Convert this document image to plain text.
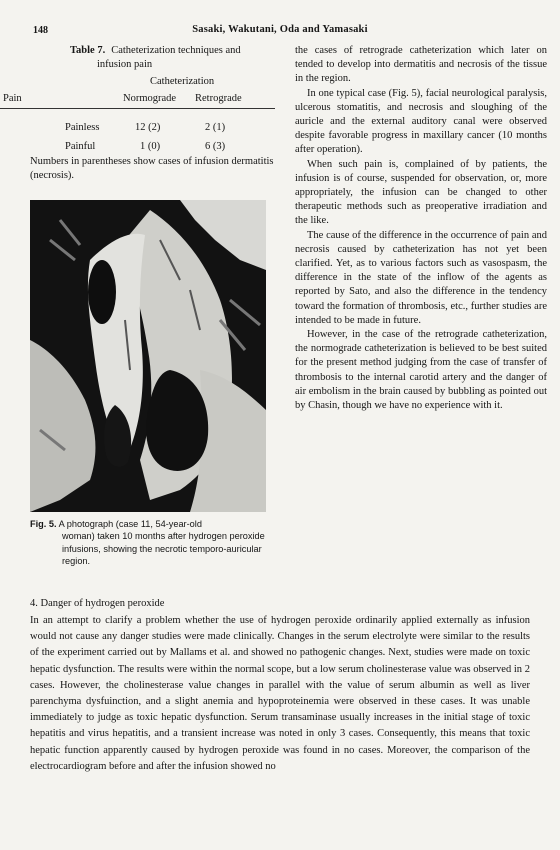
148	Sasaki, Wakutani, Oda and Yamasaki
Table 7. Catheterization techniques and
infusion pain
Catheterization
Pain	Normograde Retrograde
Painless	12 (2)	2 (1)
Painful	1 (0)	6 (3)
Numbers in parentheses show cases of infusion dermatitis (necrosis).
Fig. 5. A photograph (case 11, 54-year-old
woman) taken 10 months after hydrogen peroxide infusions, showing the necrotic temporo-auricular region.

the cases of retrograde catheterization which later on tended to develop into dermatitis and necrosis of the tissue in the region.

In one typical case (Fig. 5), facial neurological paralysis, ulcerous stomatitis, and necrosis and sloughing of the auricle and the external auditory canal were observed despite favorable progress in maxillary cancer (10 months after operation).

When such pain is, complained of by patients, the infusion is of course, suspended for observation, or, more appropriately, the infusion can be changed to other therapeutic methods such as preoperative irradiation and the like.

The cause of the difference in the occurrence of pain and necrosis caused by catheterization has not yet been clarified. Yet, as to various factors such as vasospasm, the difference in the state of the inflow of the agents as reported by Sato, and also the difference in the tendency toward the formation of thrombosis, etc., further studies are intended to be made in future.

However, in the case of the retrograde catheterization, the normograde catheterization is believed to be best suited for the present method judging from the case of transfer of thrombosis to the internal carotid artery and the danger of air embolism in the brain caused by bubbling as pointed out by Chasin, though we have no experience with it.

4. Danger of hydrogen peroxide
In an attempt to clarify a problem whether the use of hydrogen peroxide ordinarily applied externally as infusion would not cause any danger studies were made clinically. Changes in the serum electrolyte were similar to the results of the experiment carried out by Mallams et al. and showed no pathogenic changes. Next, studies were made on toxic hepatic dysfunction. The results were within the normal scope, but a low serum cholinesterase value was observed in 2 cases. However, the cholinesterase value changes in parallel with the value of serum albumin as well as liver parenchyma dysfuinction, and a slight anemia and hypoproteinemia were observed in these cases. It was unable immediately to judge as toxic hepatic dysfunction. Serum transaminase usually increases in the initial stage of toxic hepatitis and virus hepatitis, and a transient increase was noted in only 3 cases. Consequently, this means that toxic hepatic function apparently caused by hydrogen peroxide was found in no cases. Moreover, the comparison of the electrocardiogram before and after the infusion showed no
